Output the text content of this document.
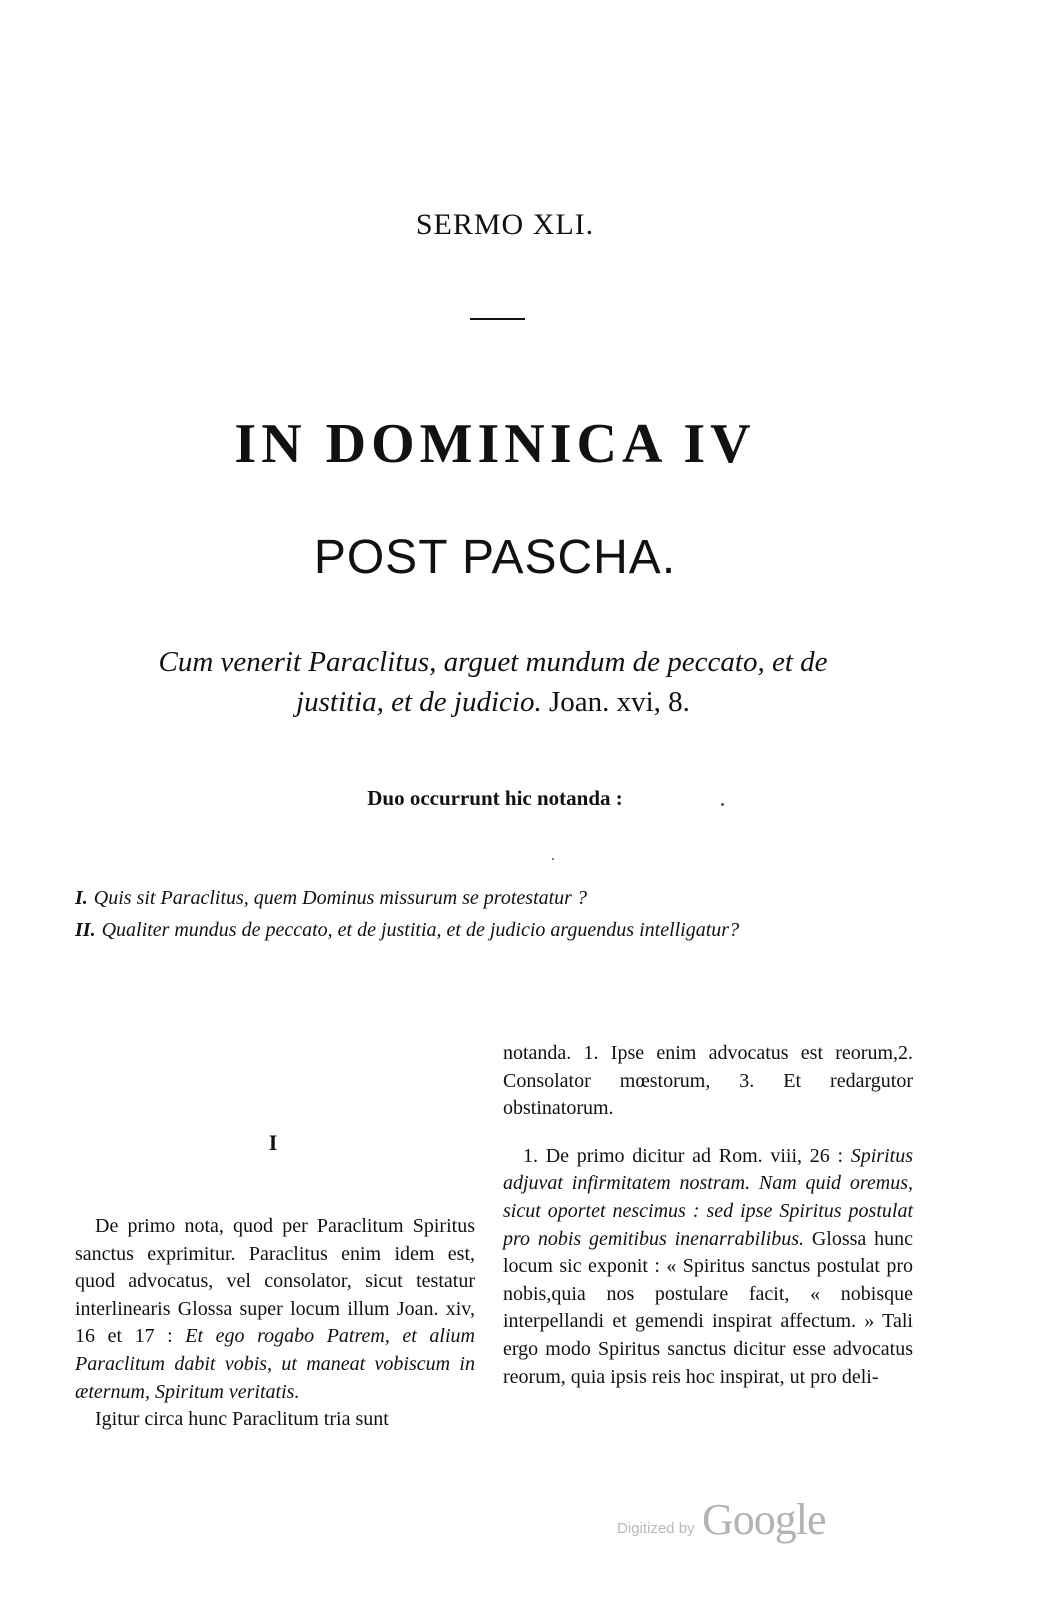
SERMO XLI.
IN DOMINICA IV
POST PASCHA.
Cum venerit Paraclitus, arguet mundum de peccato, et de
justitia, et de judicio. Joan. xvi, 8.
Duo occurrunt hic notanda :
I. Quis sit Paraclitus, quem Dominus missurum se protestatur ?
II. Qualiter mundus de peccato, et de justitia, et de judicio arguendus intelligatur?
I

De primo nota, quod per Paraclitum Spiritus sanctus exprimitur. Paraclitus enim idem est, quod advocatus, vel consolator, sicut testatur interlinearis Glossa super locum illum Joan. xiv, 16 et 17 : Et ego rogabo Patrem, et alium Paraclitum dabit vobis, ut maneat vobiscum in æternum, Spiritum veritatis.

Igitur circa hunc Paraclitum tria sunt

notanda. 1. Ipse enim advocatus est reorum,2. Consolator mœstorum, 3. Et redargutor obstinatorum.

1. De primo dicitur ad Rom. viii, 26 : Spiritus adjuvat infirmitatem nostram. Nam quid oremus, sicut oportet nescimus : sed ipse Spiritus postulat pro nobis gemitibus inenarrabilibus. Glossa hunc locum sic exponit : « Spiritus sanctus postulat pro nobis,quia nos postulare facit, « nobisque interpellandi et gemendi inspirat affectum. » Tali ergo modo Spiritus sanctus dicitur esse advocatus reorum, quia ipsis reis hoc inspirat, ut pro deli-

Digitized by Google
